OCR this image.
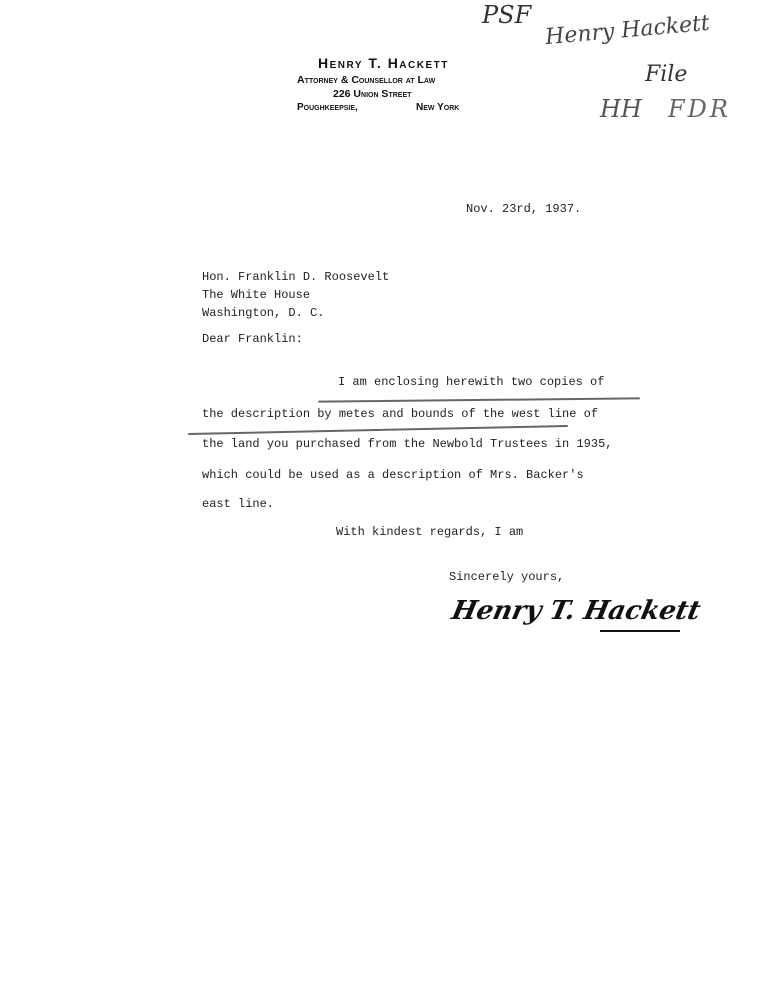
Henry T. Hackett
Attorney & Counsellor at Law
226 Union Street
Poughkeepsie,	New York
PSF Henry Hackett
File
HH FDR
Nov. 23rd, 1937.
Hon. Franklin D. Roosevelt
The White House
Washington, D. C.
Dear Franklin:
I am enclosing herewith two copies of
the description by metes and bounds of the west line of
the land you purchased from the Newbold Trustees in 1935,
which could be used as a description of Mrs. Backer's
east line.
With kindest regards, I am
Sincerely yours,
Henry T. Hackett
